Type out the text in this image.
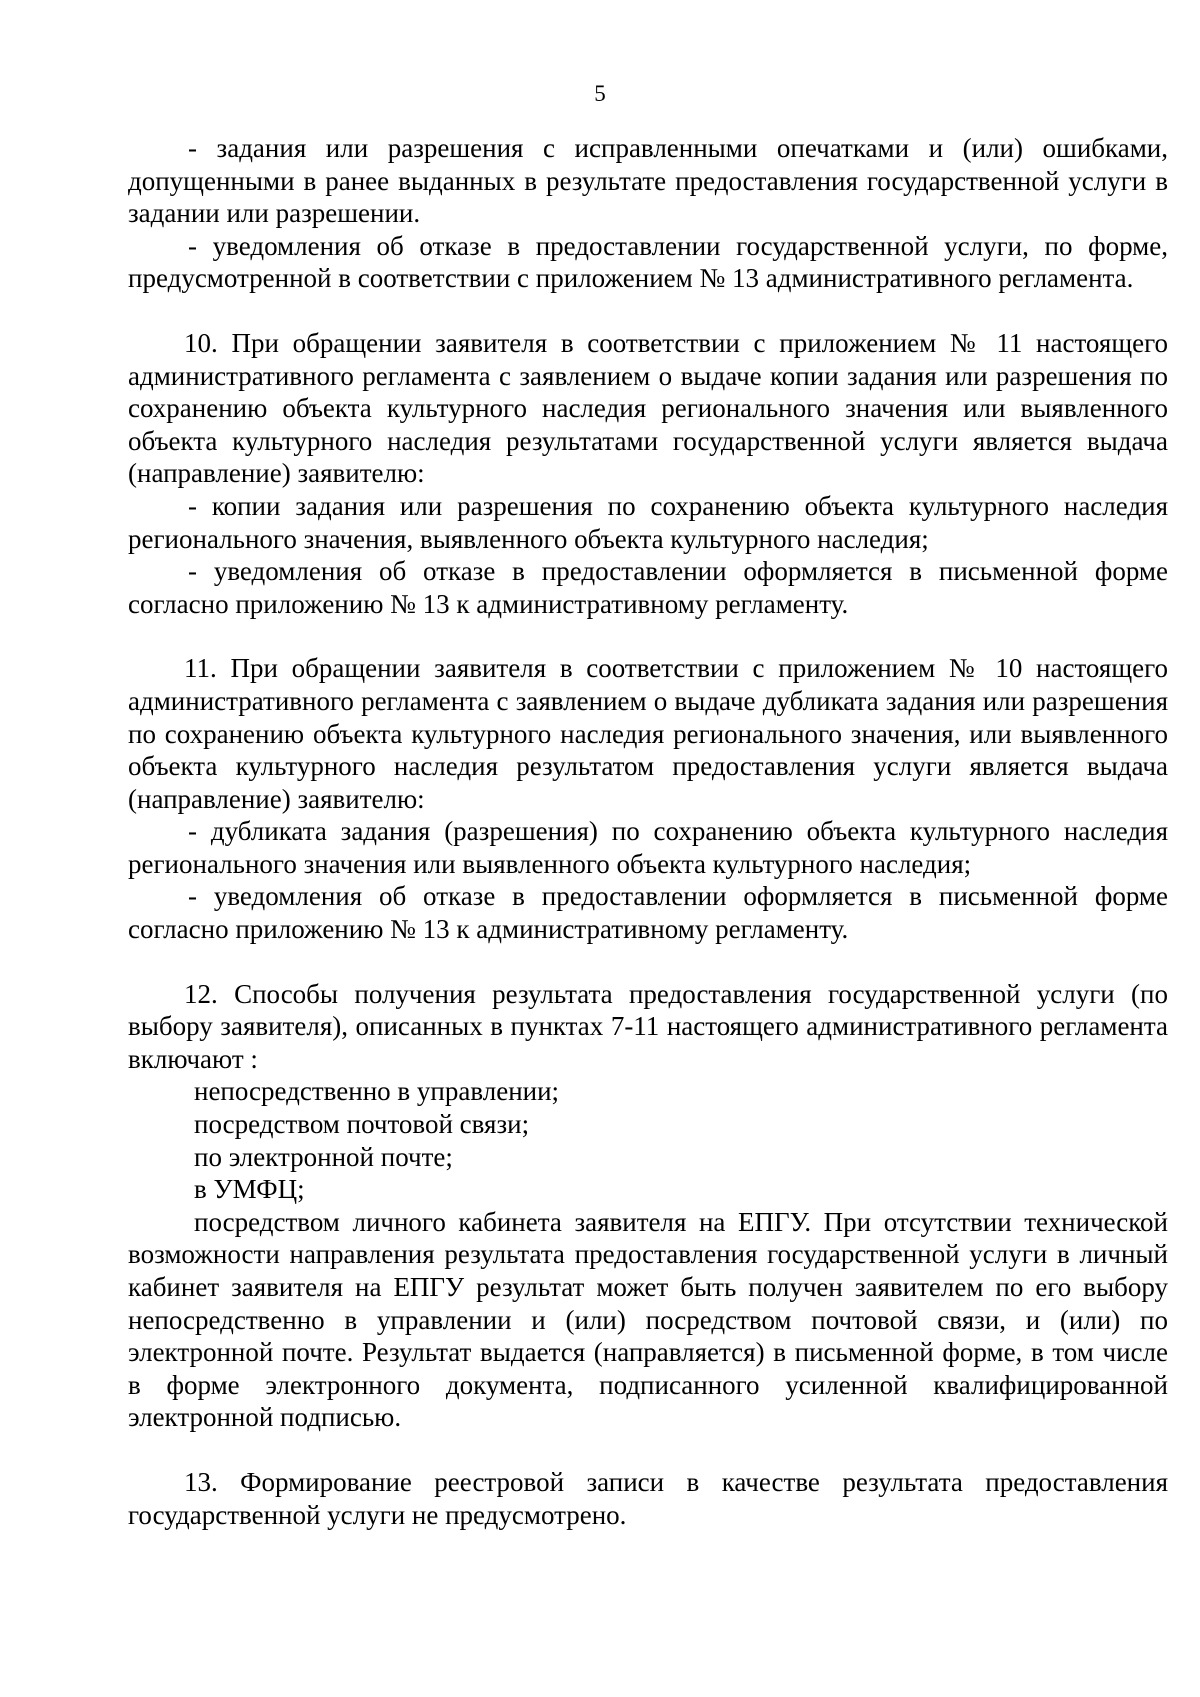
5

- задания или разрешения с исправленными опечатками и (или) ошибками, допущенными в ранее выданных в результате предоставления государственной услуги в задании или разрешении.

- уведомления об отказе в предоставлении государственной услуги, по форме, предусмотренной в соответствии с приложением № 13 административного регламента.

10. При обращении заявителя в соответствии с приложением № 11 настоящего административного регламента с заявлением о выдаче копии задания или разрешения по сохранению объекта культурного наследия регионального значения или выявленного объекта культурного наследия результатами государственной услуги является выдача (направление) заявителю:

- копии задания или разрешения по сохранению объекта культурного наследия регионального значения, выявленного объекта культурного наследия;

- уведомления об отказе в предоставлении оформляется в письменной форме согласно приложению № 13 к административному регламенту.

11. При обращении заявителя в соответствии с приложением № 10 настоящего административного регламента с заявлением о выдаче дубликата задания или разрешения по сохранению объекта культурного наследия регионального значения, или выявленного объекта культурного наследия результатом предоставления услуги является выдача (направление) заявителю:

- дубликата задания (разрешения) по сохранению объекта культурного наследия регионального значения или выявленного объекта культурного наследия;

- уведомления об отказе в предоставлении оформляется в письменной форме согласно приложению № 13 к административному регламенту.

12. Способы получения результата предоставления государственной услуги (по выбору заявителя), описанных в пунктах 7-11 настоящего административного регламента включают :

непосредственно в управлении;

посредством почтовой связи;

по электронной почте;

в УМФЦ;

посредством личного кабинета заявителя на ЕПГУ. При отсутствии технической возможности направления результата предоставления государственной услуги в личный кабинет заявителя на ЕПГУ результат может быть получен заявителем по его выбору непосредственно в управлении и (или) посредством почтовой связи, и (или) по электронной почте. Результат выдается (направляется) в письменной форме, в том числе в форме электронного документа, подписанного усиленной квалифицированной электронной подписью.

13. Формирование реестровой записи в качестве результата предоставления государственной услуги не предусмотрено.
